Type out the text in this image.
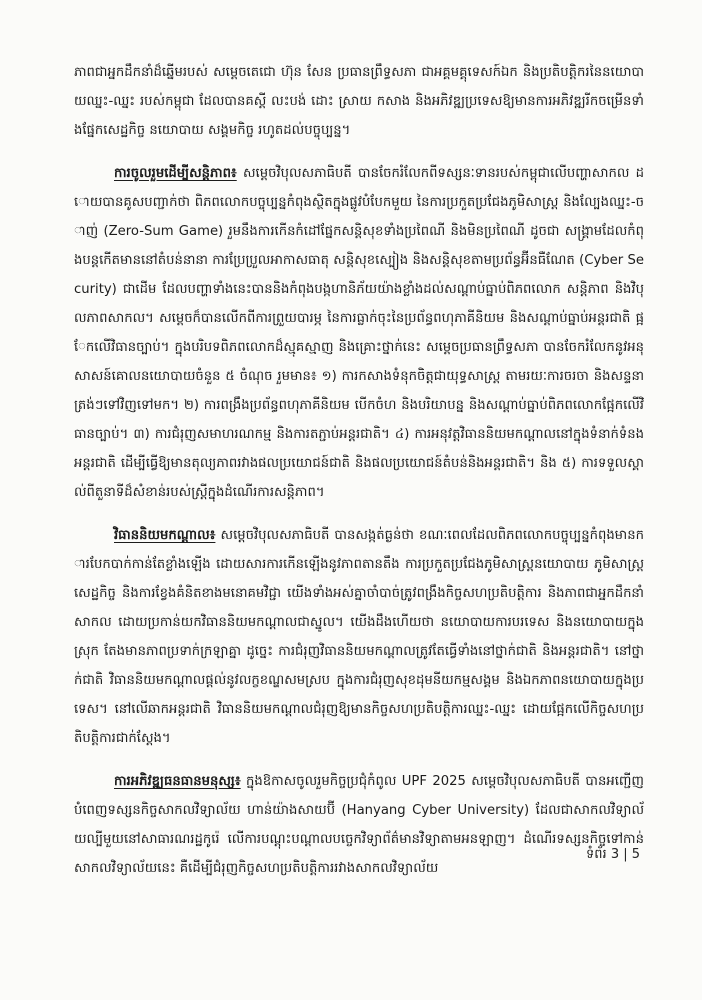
ភាពជាអ្នកដឹកនាំដ៏ឆ្នើមរបស់ សម្ដេចតេជោ ហ៊ុន សែន ប្រធានព្រឹទ្ធសភា ជាអគ្គមគ្គុទេសក៍ឯក និងប្រតិបត្តិករនៃនយោបាយឈ្នះ-ឈ្នះ របស់កម្ពុជា ដែលបានគស្ដី លះបង់ ដោះ ស្រាយ កសាង និងអភិវឌ្ឍប្រទេសឱ្យមានការអភិវឌ្ឍរីកចម្រើនទាំងផ្នែកសេដ្ឋកិច្ច នយោបាយ សង្គមកិច្ច រហូតដល់បច្ចុប្បន្ន។

ការចូលរួមដើម្បីសន្តិភាព៖ សម្ដេចវិបុលសភាធិបតី បានចែករំលែកពីទស្សនៈទានរបស់កម្ពុជាលើបញ្ហាសាកល ដោយបានគូសបញ្ជាក់ថា ពិភពលោកបច្ចុប្បន្នកំពុងស្ថិតក្នុងផ្លូវបំបែកមួយ នៃការប្រកួតប្រជែងភូមិសាស្ត្រ និងល្បែងឈ្នះ-ចាញ់ (Zero-Sum Game) រួមនឹងការកើនកំដៅផ្នែកសន្តិសុខទាំងប្រពៃណី និងមិនប្រពៃណី ដូចជា សង្គ្រាមដែលកំពុងបន្តកើតមាននៅតំបន់នានា ការប្រែប្រួលអាកាសធាតុ សន្តិសុខស្បៀង និងសន្តិសុខតាមប្រព័ន្ធអ៊ីនធឺណែត (Cyber Security) ជាដើម ដែលបញ្ហាទាំងនេះបាននិងកំពុងបង្កហានិភ័យយ៉ាងខ្លាំងដល់សណ្ដាប់ធ្នាប់ពិភពលោក សន្តិភាព និងវិបុលភាពសាកល។ សម្ដេចក៏បានលើកពីការព្រួយបារម្ភ នៃការធ្លាក់ចុះនៃប្រព័ន្ធពហុភាគីនិយម និងសណ្ដាប់ធ្នាប់អន្តរជាតិ ផ្អែកលើវិធានច្បាប់។ ក្នុងបរិបទពិភពលោកដ៏ស្មុគស្មាញ និងគ្រោះថ្នាក់នេះ សម្ដេចប្រធានព្រឹទ្ធសភា បានចែករំលែកនូវអនុសាសន៍គោលនយោបាយចំនួន ៥ ចំណុច រួមមាន៖ ១) ការកសាងទំនុកចិត្តជាយុទ្ធសាស្ត្រ តាមរយៈការចរចា និងសន្ទនាត្រង់ៗទៅវិញទៅមក។ ២) ការពង្រឹងប្រព័ន្ធពហុភាគីនិយម បើកចំហ និងបរិយាបន្ន និងសណ្ដាប់ធ្នាប់ពិភពលោកផ្អែកលើវិធានច្បាប់។ ៣) ការជំរុញសមាហរណកម្ម និងការតភ្ជាប់អន្តរជាតិ។ ៤) ការអនុវត្តវិធាននិយមកណ្ដាលនៅក្នុងទំនាក់ទំនងអន្តរជាតិ ដើម្បីធ្វើឱ្យមានតុល្យភាពរវាងផលប្រយោជន៍ជាតិ និងផលប្រយោជន៍តំបន់និងអន្តរជាតិ។ និង ៥) ការទទួលស្គាល់ពីតួនាទីដ៏សំខាន់របស់ស្ត្រីក្នុងដំណើរការសន្តិភាព។

វិធាននិយមកណ្ដាល៖ សម្ដេចវិបុលសភាធិបតី បានសង្កត់ធ្ងន់ថា ខណៈពេលដែលពិភពលោកបច្ចុប្បន្នកំពុងមានការបែកបាក់កាន់តែខ្លាំងឡើង ដោយសារការកើនឡើងនូវភាពតានតឹង ការប្រកួតប្រជែងភូមិសាស្ត្រនយោបាយ ភូមិសាស្ត្រសេដ្ឋកិច្ច និងការខ្វែងគំនិតខាងមនោគមវិជ្ជា យើងទាំងអស់គ្នាចាំបាច់ត្រូវពង្រឹងកិច្ចសហប្រតិបត្តិការ និងភាពជាអ្នកដឹកនាំសាកល ដោយប្រកាន់យកវិធាននិយមកណ្ដាលជាស្នូល។ យើងដឹងហើយថា នយោបាយការបរទេស និងនយោបាយក្នុងស្រុក តែងមានភាពប្រទាក់ក្រឡាគ្នា ដូច្នេះ ការជំរុញវិធាននិយមកណ្ដាលត្រូវតែធ្វើទាំងនៅថ្នាក់ជាតិ និងអន្តរជាតិ។ នៅថ្នាក់ជាតិ វិធាននិយមកណ្ដាលផ្ដល់នូវលក្ខខណ្ឌសមស្រប ក្នុងការជំរុញសុខដុមនីយកម្មសង្គម និងឯកភាពនយោបាយក្នុងប្រទេស។ នៅលើឆាកអន្តរជាតិ វិធាននិយមកណ្ដាលជំរុញឱ្យមានកិច្ចសហប្រតិបត្តិការឈ្នះ-ឈ្នះ ដោយផ្អែកលើកិច្ចសហប្រតិបត្តិការជាក់ស្ដែង។

ការអភិវឌ្ឍធនធានមនុស្ស៖ ក្នុងឱកាសចូលរួមកិច្ចប្រជុំកំពូល UPF 2025 សម្ដេចវិបុលសភាធិបតី បានអញ្ជើញបំពេញទស្សនកិច្ចសាកលវិទ្យាល័យ ហាន់យ៉ាងសាយប៊ី (Hanyang Cyber University) ដែលជាសាកលវិទ្យាល័យល្បីមួយនៅសាធារណរដ្ឋកូរ៉េ លើការបណ្ដុះបណ្ដាលបច្ចេកវិទ្យាព័ត៌មានវិទ្យាតាមអនឡាញ។ ដំណើរទស្សនកិច្ចទៅកាន់សាកលវិទ្យាល័យនេះ គឺដើម្បីជំរុញកិច្ចសហប្រតិបត្តិការរវាងសាកលវិទ្យាល័យ

ទំព័រ 3 | 5
